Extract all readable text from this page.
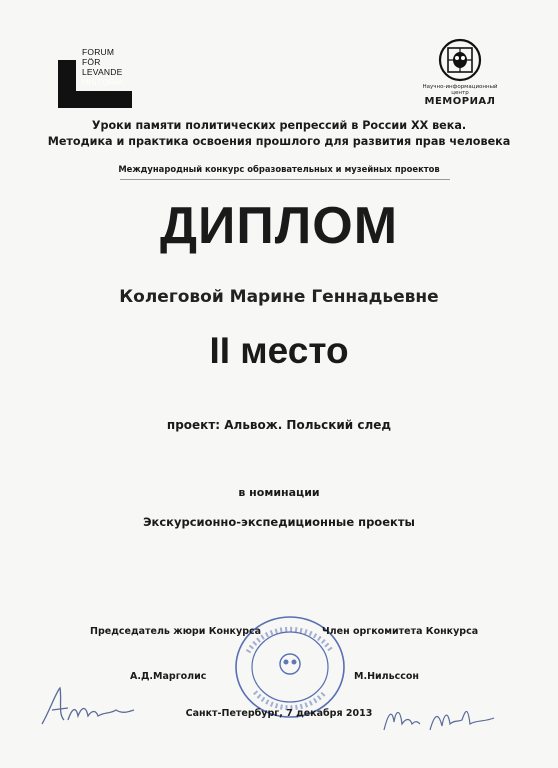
FORUM
FÖR
LEVANDE
HISTORIA	Научно-информационный центр
МЕМОРИАЛ
Уроки памяти политических репрессий в России XX века.
Методика и практика освоения прошлого для развития прав человека
Международный конкурс образовательных и музейных проектов
ДИПЛОМ
Колеговой Марине Геннадьевне
II место
проект: Альвож. Польский след
в номинации
Экскурсионно-экспедиционные проекты
Председатель жюри Конкурса	Член оргкомитета Конкурса
А.Д.Марголис	М.Нильссон
Санкт-Петербург, 7 декабря 2013
